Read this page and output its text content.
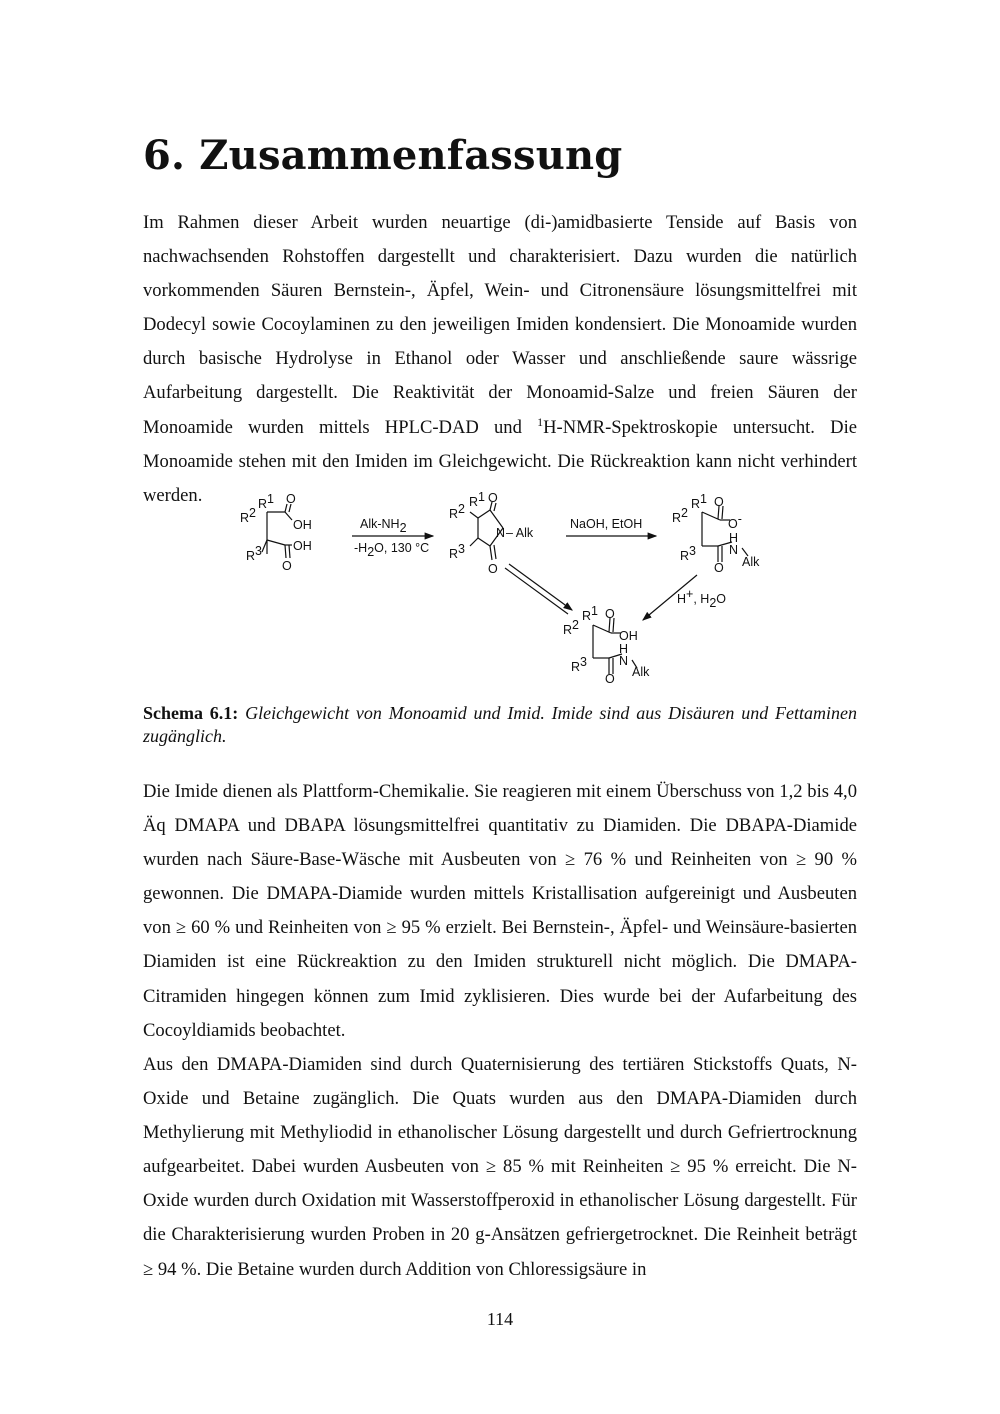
6. Zusammenfassung

Im Rahmen dieser Arbeit wurden neuartige (di-)amidbasierte Tenside auf Basis von nachwachsenden Rohstoffen dargestellt und charakterisiert. Dazu wurden die natürlich vorkommenden Säuren Bernstein-, Äpfel, Wein- und Citronensäure lösungsmittelfrei mit Dodecyl sowie Cocoylaminen zu den jeweiligen Imiden kondensiert. Die Monoamide wurden durch basische Hydrolyse in Ethanol oder Wasser und anschließende saure wässrige Aufarbeitung dargestellt. Die Reaktivität der Monoamid-Salze und freien Säuren der Monoamide wurden mittels HPLC-DAD und $^1$H-NMR-Spektroskopie untersucht. Die Monoamide stehen mit den Imiden im Gleichgewicht. Die Rückreaktion kann nicht verhindert werden.	R1 O
R2
OH
OH
R3
O
Alk-NH2
-H2O, 130 °C
R2 R1 O
N – Alk
R3
O
NaOH, EtOH
R1 O
R2
O-
H
N
R3
Alk
O
H+, H2O
R1 O
R2
OH
H
N
R3
Alk
O

Schema 6.1: Gleichgewicht von Monoamid und Imid. Imide sind aus Disäuren und Fettaminen zugänglich.

Die Imide dienen als Plattform-Chemikalie. Sie reagieren mit einem Überschuss von 1,2 bis 4,0 Äq DMAPA und DBAPA lösungsmittelfrei quantitativ zu Diamiden. Die DBAPA-Diamide wurden nach Säure-Base-Wäsche mit Ausbeuten von ≥ 76 % und Reinheiten von ≥ 90 % gewonnen. Die DMAPA-Diamide wurden mittels Kristallisation aufgereinigt und Ausbeuten von ≥ 60 % und Reinheiten von ≥ 95 % erzielt. Bei Bernstein-, Äpfel- und Weinsäure-basierten Diamiden ist eine Rückreaktion zu den Imiden strukturell nicht möglich. Die DMAPA-Citramiden hingegen können zum Imid zyklisieren. Dies wurde bei der Aufarbeitung des Cocoyldiamids beobachtet.

Aus den DMAPA-Diamiden sind durch Quaternisierung des tertiären Stickstoffs Quats, N-Oxide und Betaine zugänglich. Die Quats wurden aus den DMAPA-Diamiden durch Methylierung mit Methyliodid in ethanolischer Lösung dargestellt und durch Gefriertrocknung aufgearbeitet. Dabei wurden Ausbeuten von ≥ 85 % mit Reinheiten ≥ 95 % erreicht. Die N-Oxide wurden durch Oxidation mit Wasserstoffperoxid in ethanolischer Lösung dargestellt. Für die Charakterisierung wurden Proben in 20 g-Ansätzen gefriergetrocknet. Die Reinheit beträgt ≥ 94 %. Die Betaine wurden durch Addition von Chloressigsäure in

114
